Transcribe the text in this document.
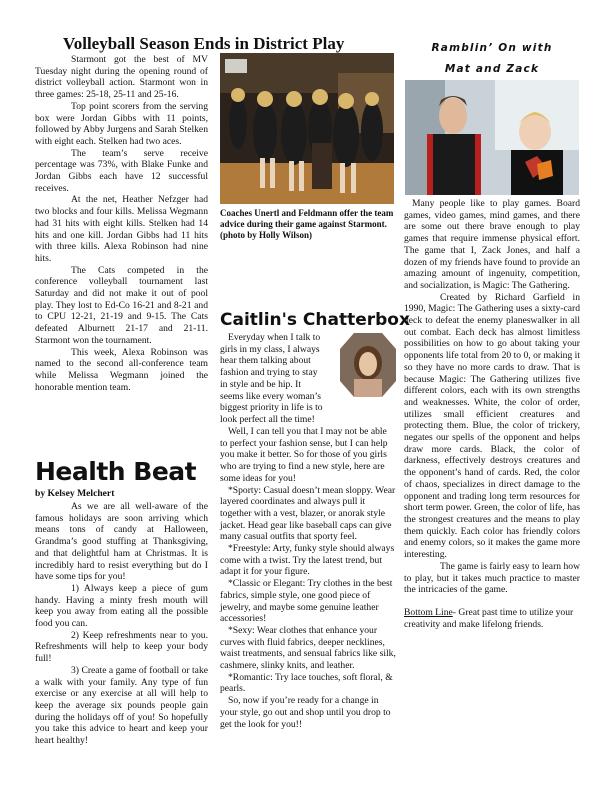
Volleyball Season Ends in District Play

Starmont got the best of MV Tuesday night during the opening round of district volleyball action. Starmont won in three games: 25-18, 25-11 and 25-16.

Top point scorers from the serving box were Jordan Gibbs with 11 points, followed by Abby Jurgens and Sarah Stelken with eight each. Stelken had two aces.

The team’s serve receive percentage was 73%, with Blake Funke and Jordan Gibbs each have 12 successful receives.

At the net, Heather Nefzger had two blocks and four kills. Melissa Wegmann had 31 hits with eight kills. Stelken had 14 hits and one kill. Jordan Gibbs had 11 hits with three kills. Alexa Robinson had nine hits.

The Cats competed in the conference volleyball tournament last Saturday and did not make it out of pool play. They lost to Ed-Co 16-21 and 8-21 and to CPU 12-21, 21-19 and 9-15. The Cats defeated Alburnett 21-17 and 21-11. Starmont won the tournament.

This week, Alexa Robinson was named to the second all-conference team while Melissa Wegmann joined the honorable mention team.

Health Beat
by Kelsey Melchert

As we are all well-aware of the famous holidays are soon arriving which means tons of candy at Halloween, Grandma’s good stuffing at Thanksgiving, and that delightful ham at Christmas. It is incredibly hard to resist everything but do I have some tips for you!

1) Always keep a piece of gum handy. Having a minty fresh mouth will keep you away from eating all the possible food you can.

2) Keep refreshments near to you. Refreshments will help to keep your body full!

3) Create a game of football or take a walk with your family. Any type of fun exercise or any exercise at all will help to keep the average six pounds people gain during the holidays off of you! So hopefully you take this advice to heart and keep your heart healthy!

Coaches Unertl and Feldmann offer the team advice during their game against Starmont. (photo by Holly Wilson)
Caitlin's Chatterbox
Everyday when I talk to
girls in my class, I always
hear them talking about
fashion and trying to stay
in style and be hip. It
seems like every woman’s
biggest priority in life is to
look perfect all the time!

Well, I can tell you that I may not be able to perfect your fashion sense, but I can help you make it better. So for those of you girls who are trying to find a new style, here are some ideas for you!

*Sporty: Casual doesn’t mean sloppy. Wear layered coordinates and always pull it together with a vest, blazer, or anorak style jacket. Head gear like baseball caps can give many casual outfits that sporty feel.

*Freestyle: Arty, funky style should always come with a twist. Try the latest trend, but adapt it for your figure.

*Classic or Elegant: Try clothes in the best fabrics, simple style, one good piece of jewelry, and maybe some genuine leather accessories!

*Sexy: Wear clothes that enhance your curves with fluid fabrics, deeper necklines, waist treatments, and sensual fabrics like silk, cashmere, slinky knits, and leather.

*Romantic: Try lace touches, soft floral, & pearls.

So, now if you’re ready for a change in your style, go out and shop until you drop to get the look for you!!

Ramblin’ On with
Mat and Zack

Many people like to play games. Board games, video games, mind games, and there are some out there brave enough to play games that require immense physical effort. The game that I, Zack Jones, and half a dozen of my friends have found to provide an amazing amount of ingenuity, competition, and socialization, is Magic: The Gathering.

Created by Richard Garfield in 1990, Magic: The Gathering uses a sixty-card deck to defeat the enemy planeswalker in all out combat. Each deck has almost limitless possibilities on how to go about taking your opponents life total from 20 to 0, or making it so they have no more cards to draw. That is because Magic: The Gathering utilizes five different colors, each with its own strengths and weaknesses. White, the color of order, utilizes small efficient creatures and protecting them. Blue, the color of trickery, negates our spells of the opponent and helps draw more cards. Black, the color of darkness, effectively destroys creatures and the opponent’s hand of cards. Red, the color of chaos, specializes in direct damage to the opponent and trading long term resources for short term power. Green, the color of life, has the strongest creatures and the means to play them quickly. Each color has friendly colors and enemy colors, so it makes the game more interesting.

The game is fairly easy to learn how to play, but it takes much practice to master the intricacies of the game.

Bottom Line- Great past time to utilize your creativity and make lifelong friends.
